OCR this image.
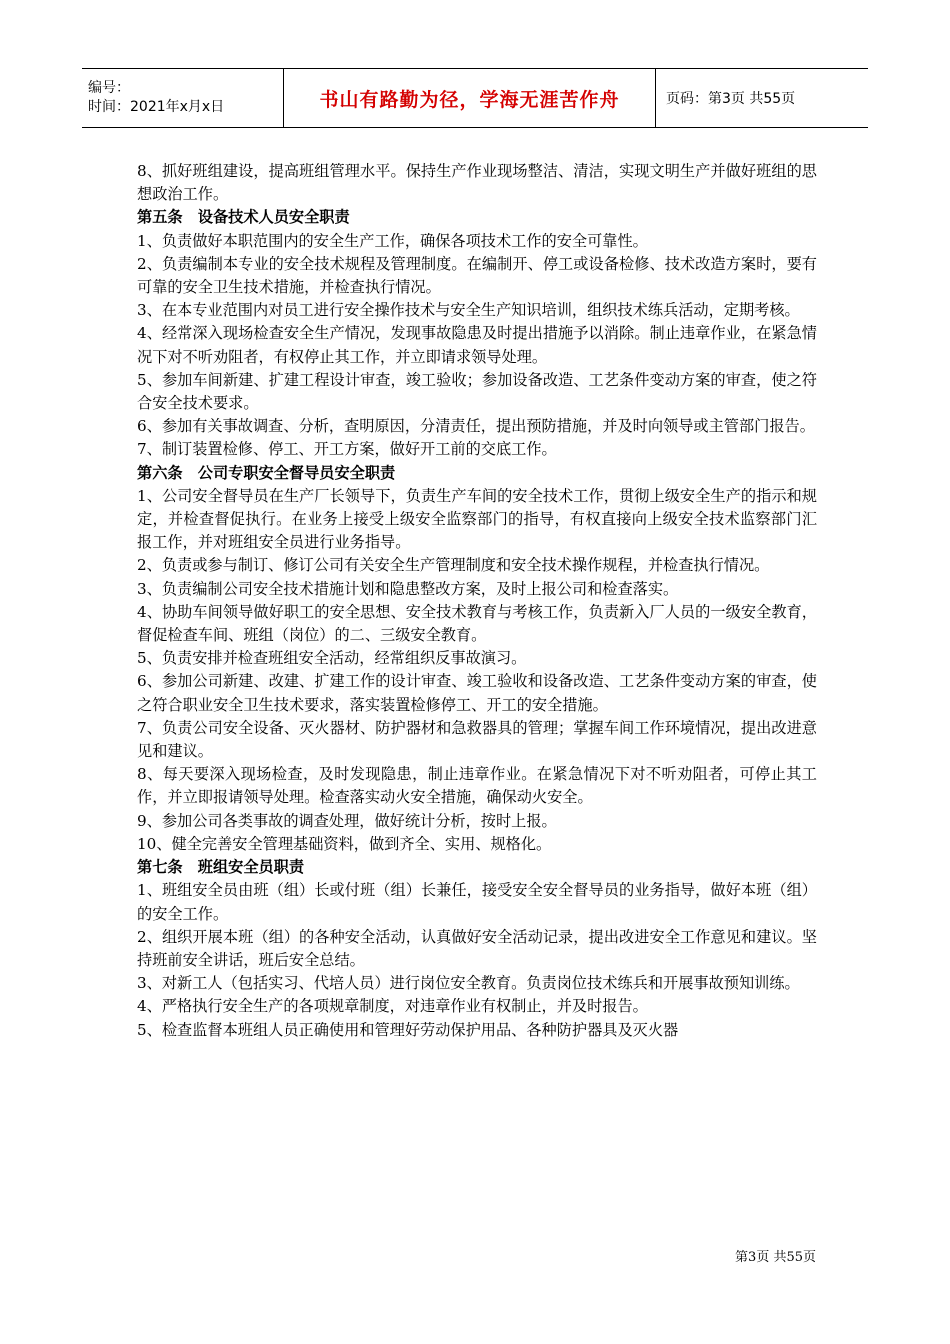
编号：
时间：2021年x月x日	书山有路勤为径，学海无涯苦作舟	页码：第3页 共55页

8、抓好班组建设，提高班组管理水平。保持生产作业现场整洁、清洁，实现文明生产并做好班组的思想政治工作。

第五条　设备技术人员安全职责

1、负责做好本职范围内的安全生产工作，确保各项技术工作的安全可靠性。

2、负责编制本专业的安全技术规程及管理制度。在编制开、停工或设备检修、技术改造方案时，要有可靠的安全卫生技术措施，并检查执行情况。

3、在本专业范围内对员工进行安全操作技术与安全生产知识培训，组织技术练兵活动，定期考核。

4、经常深入现场检查安全生产情况，发现事故隐患及时提出措施予以消除。制止违章作业，在紧急情况下对不听劝阻者，有权停止其工作，并立即请求领导处理。

5、参加车间新建、扩建工程设计审查，竣工验收；参加设备改造、工艺条件变动方案的审查，使之符合安全技术要求。

6、参加有关事故调查、分析，查明原因，分清责任，提出预防措施，并及时向领导或主管部门报告。

7、制订装置检修、停工、开工方案，做好开工前的交底工作。

第六条　公司专职安全督导员安全职责

1、公司安全督导员在生产厂长领导下，负责生产车间的安全技术工作，贯彻上级安全生产的指示和规定，并检查督促执行。在业务上接受上级安全监察部门的指导，有权直接向上级安全技术监察部门汇报工作，并对班组安全员进行业务指导。

2、负责或参与制订、修订公司有关安全生产管理制度和安全技术操作规程，并检查执行情况。

3、负责编制公司安全技术措施计划和隐患整改方案，及时上报公司和检查落实。

4、协助车间领导做好职工的安全思想、安全技术教育与考核工作，负责新入厂人员的一级安全教育，督促检查车间、班组（岗位）的二、三级安全教育。

5、负责安排并检查班组安全活动，经常组织反事故演习。

6、参加公司新建、改建、扩建工作的设计审查、竣工验收和设备改造、工艺条件变动方案的审查，使之符合职业安全卫生技术要求，落实装置检修停工、开工的安全措施。

7、负责公司安全设备、灭火器材、防护器材和急救器具的管理；掌握车间工作环境情况，提出改进意见和建议。

8、每天要深入现场检查，及时发现隐患，制止违章作业。在紧急情况下对不听劝阻者，可停止其工作，并立即报请领导处理。检查落实动火安全措施，确保动火安全。

9、参加公司各类事故的调查处理，做好统计分析，按时上报。

10、健全完善安全管理基础资料，做到齐全、实用、规格化。

第七条　班组安全员职责

1、班组安全员由班（组）长或付班（组）长兼任，接受安全安全督导员的业务指导，做好本班（组）的安全工作。

2、组织开展本班（组）的各种安全活动，认真做好安全活动记录，提出改进安全工作意见和建议。坚持班前安全讲话，班后安全总结。

3、对新工人（包括实习、代培人员）进行岗位安全教育。负责岗位技术练兵和开展事故预知训练。

4、严格执行安全生产的各项规章制度，对违章作业有权制止，并及时报告。

5、检查监督本班组人员正确使用和管理好劳动保护用品、各种防护器具及灭火器

第3页 共55页
